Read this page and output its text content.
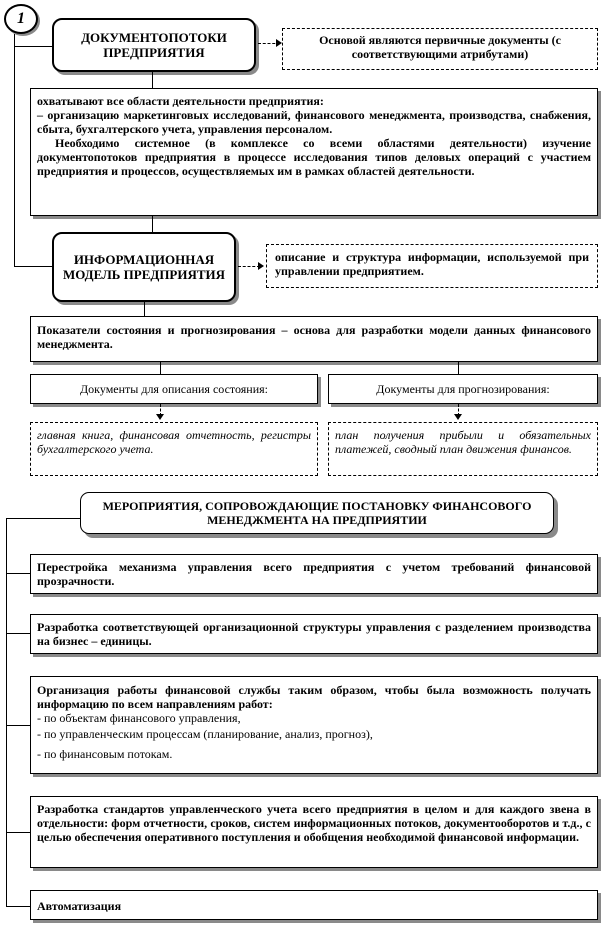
1
ДОКУМЕНТОПОТОКИ ПРЕДПРИЯТИЯ
Основой являются первичные документы (с соответствующими атрибутами)

охватывают все области деятельности предприятия:

– организацию маркетинговых исследований, финансового менеджмента, производства, снабжения, сбыта, бухгалтерского учета, управления персоналом.

Необходимо системное (в комплексе со всеми областями деятельности) изучение документопотоков предприятия в процессе исследования типов деловых операций с участием предприятия и процессов, осуществляемых им в рамках областей деятельности.

ИНФОРМАЦИОННАЯ МОДЕЛЬ ПРЕДПРИЯТИЯ
описание и структура информации, используемой при управлении предприятием.
Показатели состояния и прогнозирования – основа для разработки модели данных финансового менеджмента.
Документы для описания состояния:	Документы для прогнозирования:
главная книга, финансовая отчетность, регистры бухгалтерского учета.
план получения прибыли и обязательных платежей, сводный план движения финансов.
МЕРОПРИЯТИЯ, СОПРОВОЖДАЮЩИЕ ПОСТАНОВКУ ФИНАНСОВОГО МЕНЕДЖМЕНТА НА ПРЕДПРИЯТИИ
Перестройка механизма управления всего предприятия с учетом требований финансовой прозрачности.
Разработка соответствующей организационной структуры управления с разделением производства на бизнес – единицы.

Организация работы финансовой службы таким образом, чтобы была возможность получать информацию по всем направлениям работ:

- по объектам финансового управления,

- по управленческим процессам (планирование, анализ, прогноз),

- по финансовым потокам.

Разработка стандартов управленческого учета всего предприятия в целом и для каждого звена в отдельности: форм отчетности, сроков, систем информационных потоков, документооборотов и т.д., с целью обеспечения оперативного поступления и обобщения необходимой финансовой информации.
Автоматизация
